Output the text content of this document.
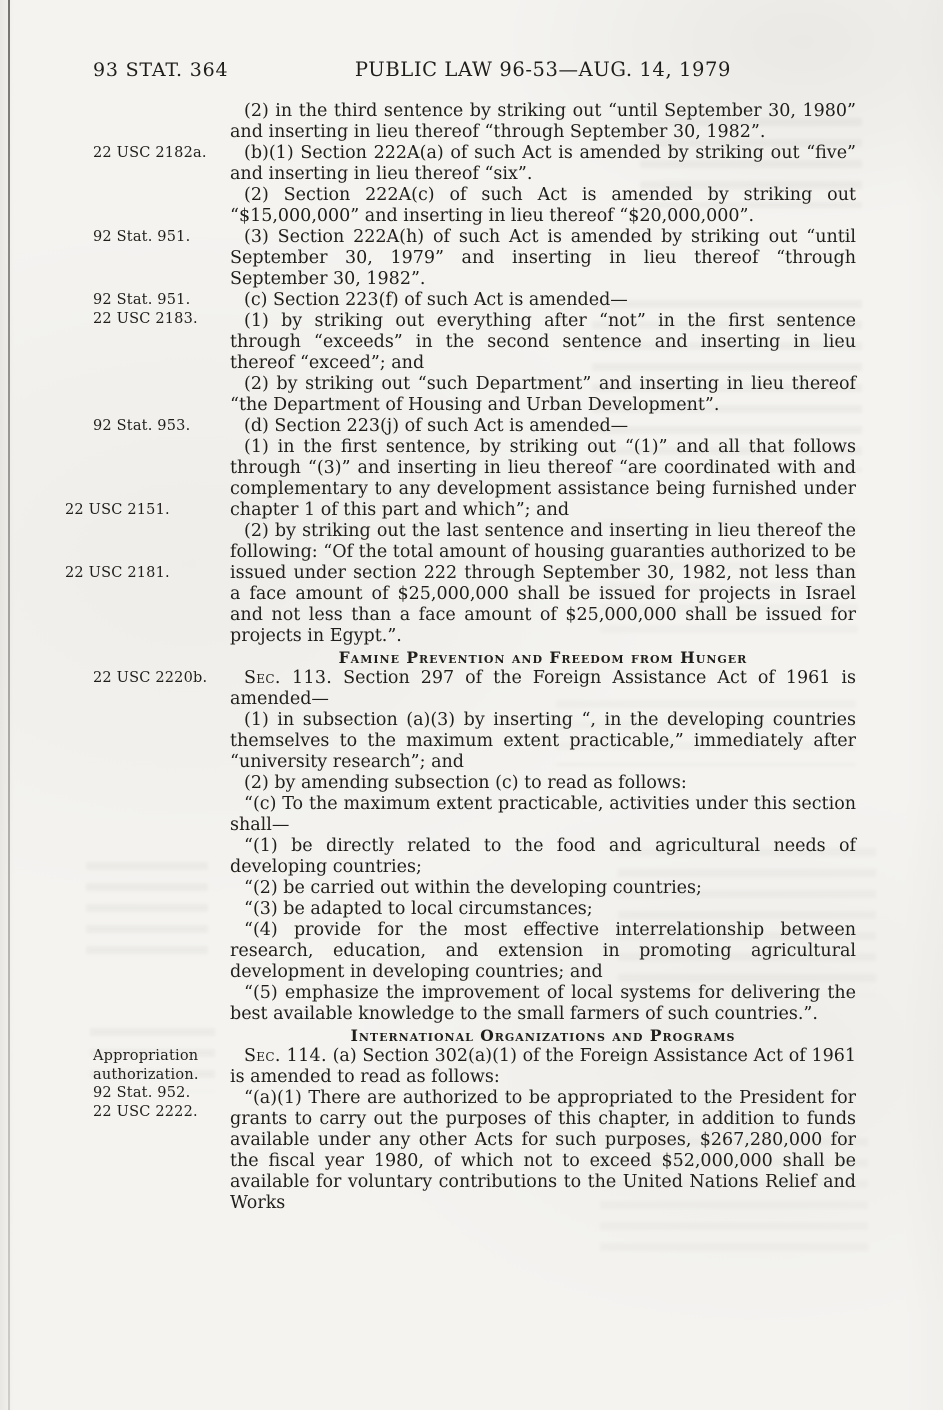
93 STAT. 364	PUBLIC LAW 96-53—AUG. 14, 1979

(2) in the third sentence by striking out “until September 30, 1980” and inserting in lieu thereof “through September 30, 1982”.

22 USC 2182a.	(b)(1) Section 222A(a) of such Act is amended by striking out “five” and inserting in lieu thereof “six”.

(2) Section 222A(c) of such Act is amended by striking out “$15,000,000” and inserting in lieu thereof “$20,000,000”.

92 Stat. 951.	(3) Section 222A(h) of such Act is amended by striking out “until September 30, 1979” and inserting in lieu thereof “through September 30, 1982”.

92 Stat. 951.
22 USC 2183.
(c) Section 223(f) of such Act is amended—

(1) by striking out everything after “not” in the first sentence through “exceeds” in the second sentence and inserting in lieu thereof “exceed”; and

(2) by striking out “such Department” and inserting in lieu thereof “the Department of Housing and Urban Development”.

92 Stat. 953.	(d) Section 223(j) of such Act is amended—

22 USC 2151.
(1) in the first sentence, by striking out “(1)” and all that follows through “(3)” and inserting in lieu thereof “are coordinated with and complementary to any development assistance being furnished under chapter 1 of this part and which”; and

22 USC 2181.
(2) by striking out the last sentence and inserting in lieu thereof the following: “Of the total amount of housing guaranties authorized to be issued under section 222 through September 30, 1982, not less than a face amount of $25,000,000 shall be issued for projects in Israel and not less than a face amount of $25,000,000 shall be issued for projects in Egypt.”.

Famine Prevention and Freedom from Hunger

22 USC 2220b.	Sec. 113. Section 297 of the Foreign Assistance Act of 1961 is amended—

(1) in subsection (a)(3) by inserting “, in the developing countries themselves to the maximum extent practicable,” immediately after “university research”; and

(2) by amending subsection (c) to read as follows:

“(c) To the maximum extent practicable, activities under this section shall—

“(1) be directly related to the food and agricultural needs of developing countries;

“(2) be carried out within the developing countries;

“(3) be adapted to local circumstances;

“(4) provide for the most effective interrelationship between research, education, and extension in promoting agricultural development in developing countries; and

“(5) emphasize the improvement of local systems for delivering the best available knowledge to the small farmers of such countries.”.

International Organizations and Programs

Appropriation authorization.
92 Stat. 952.
22 USC 2222.
Sec. 114. (a) Section 302(a)(1) of the Foreign Assistance Act of 1961 is amended to read as follows:

“(a)(1) There are authorized to be appropriated to the President for grants to carry out the purposes of this chapter, in addition to funds available under any other Acts for such purposes, $267,280,000 for the fiscal year 1980, of which not to exceed $52,000,000 shall be available for voluntary contributions to the United Nations Relief and Works
